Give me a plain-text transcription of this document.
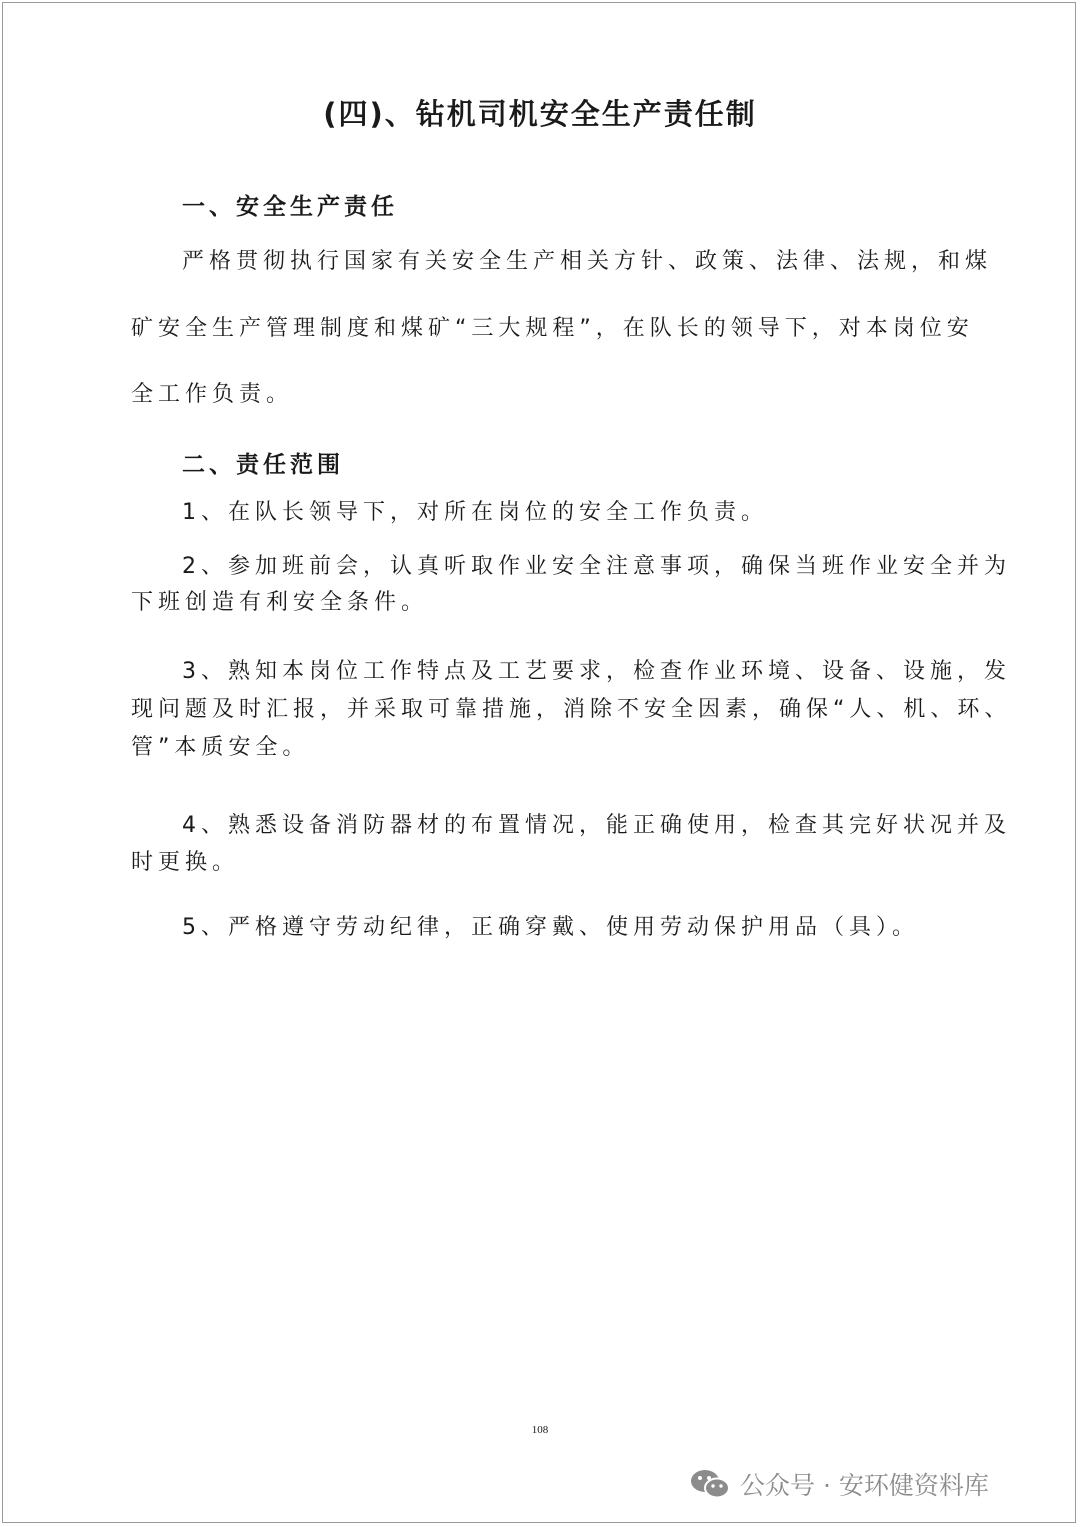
(四)、钻机司机安全生产责任制
一、安全生产责任
严格贯彻执行国家有关安全生产相关方针、政策、法律、法规，和煤
矿安全生产管理制度和煤矿“三大规程”，在队长的领导下，对本岗位安
全工作负责。
二、责任范围
1、在队长领导下，对所在岗位的安全工作负责。
2、参加班前会，认真听取作业安全注意事项，确保当班作业安全并为
下班创造有利安全条件。
3、熟知本岗位工作特点及工艺要求，检查作业环境、设备、设施，发
现问题及时汇报，并采取可靠措施，消除不安全因素，确保“人、机、环、
管”本质安全。
4、熟悉设备消防器材的布置情况，能正确使用，检查其完好状况并及
时更换。
5、严格遵守劳动纪律，正确穿戴、使用劳动保护用品（具）。
108
公众号 · 安环健资料库
